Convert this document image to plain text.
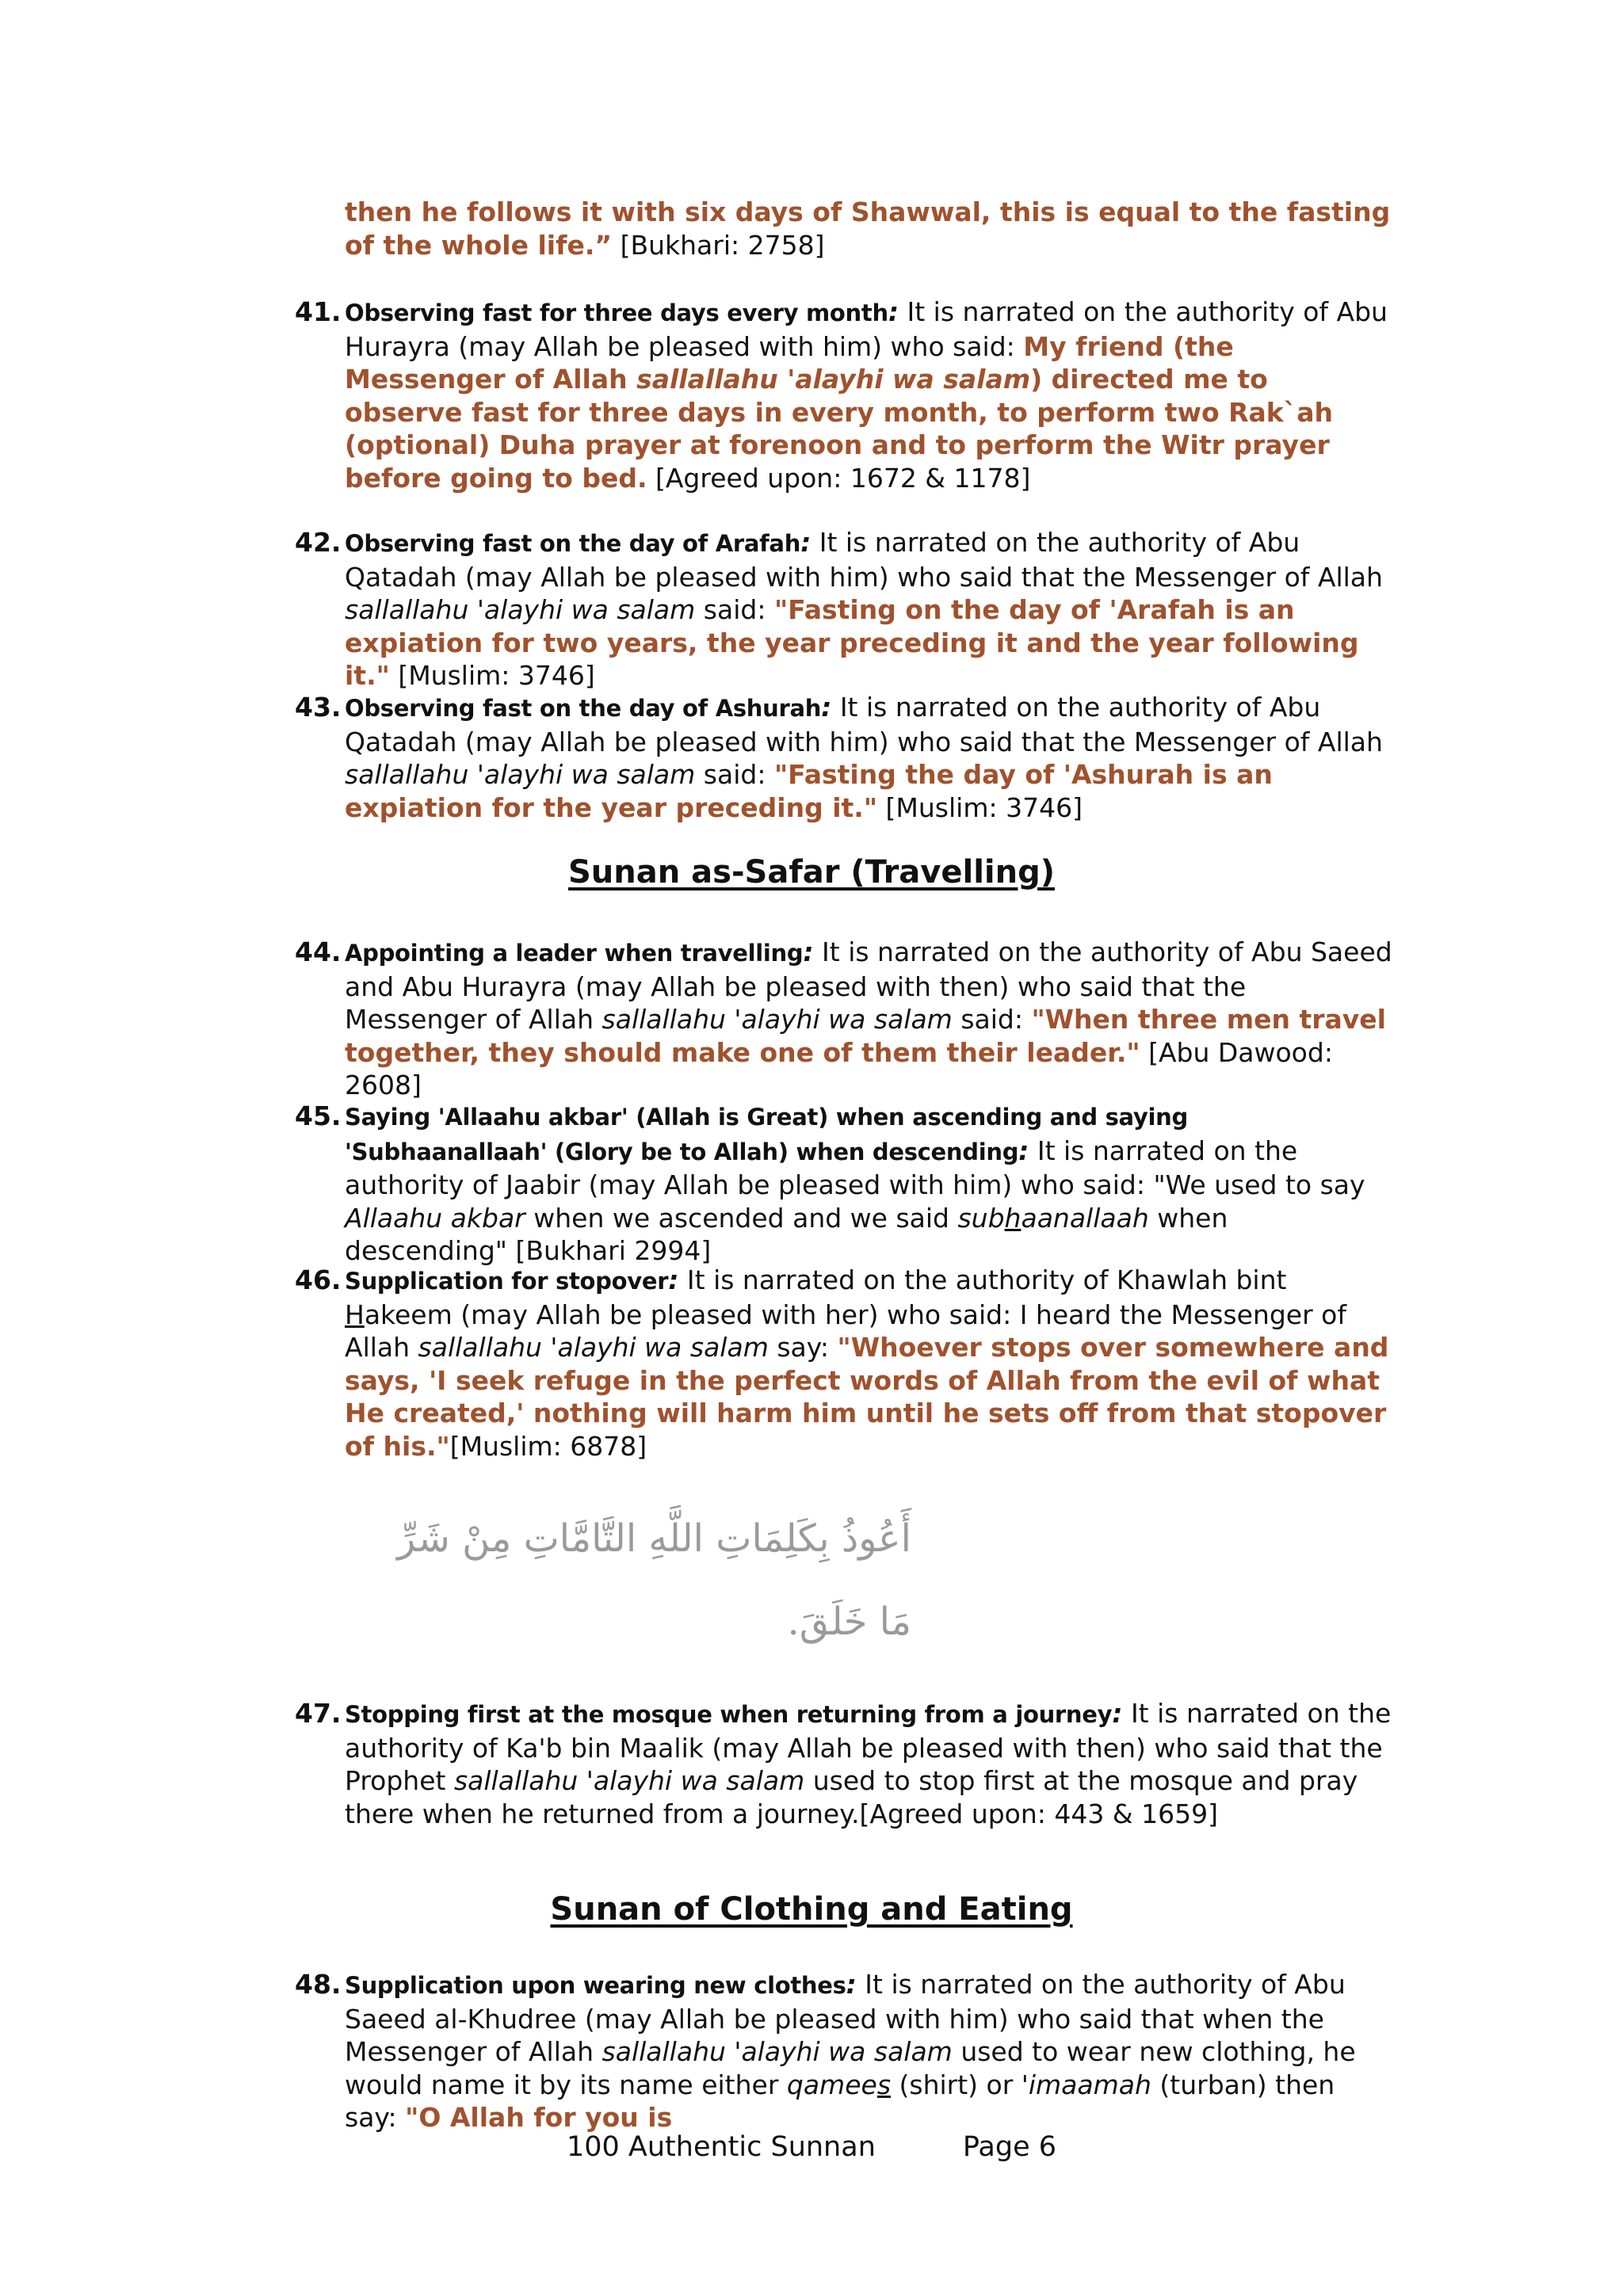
then he follows it with six days of Shawwal, this is equal to the fasting of the whole life.” [Bukhari: 2758]
41. Observing fast for three days every month: It is narrated on the authority of Abu Hurayra (may Allah be pleased with him) who said: My friend (the Messenger of Allah sallallahu 'alayhi wa salam) directed me to observe fast for three days in every month, to perform two Rak`ah (optional) Duha prayer at forenoon and to perform the Witr prayer before going to bed. [Agreed upon: 1672 & 1178]
42. Observing fast on the day of Arafah: It is narrated on the authority of Abu Qatadah (may Allah be pleased with him) who said that the Messenger of Allah sallallahu 'alayhi wa salam said: "Fasting on the day of 'Arafah is an expiation for two years, the year preceding it and the year following it." [Muslim: 3746]
43. Observing fast on the day of Ashurah: It is narrated on the authority of Abu Qatadah (may Allah be pleased with him) who said that the Messenger of Allah sallallahu 'alayhi wa salam said: "Fasting the day of 'Ashurah is an expiation for the year preceding it." [Muslim: 3746]
Sunan as-Safar (Travelling)
44. Appointing a leader when travelling: It is narrated on the authority of Abu Saeed and Abu Hurayra (may Allah be pleased with then) who said that the Messenger of Allah sallallahu 'alayhi wa salam said: "When three men travel together, they should make one of them their leader." [Abu Dawood: 2608]
45. Saying 'Allaahu akbar' (Allah is Great) when ascending and saying 'Subhaanallaah' (Glory be to Allah) when descending: It is narrated on the authority of Jaabir (may Allah be pleased with him) who said: "We used to say Allaahu akbar when we ascended and we said subhaanallaah when descending" [Bukhari 2994]
46. Supplication for stopover: It is narrated on the authority of Khawlah bint Hakeem (may Allah be pleased with her) who said: I heard the Messenger of Allah sallallahu 'alayhi wa salam say: "Whoever stops over somewhere and says, 'I seek refuge in the perfect words of Allah from the evil of what He created,' nothing will harm him until he sets off from that stopover of his."[Muslim: 6878]
أَعُوذُ بِكَلِمَاتِ اللَّهِ التَّامَّاتِ مِنْ شَرِّ
مَا خَلَقَ.
47. Stopping first at the mosque when returning from a journey: It is narrated on the authority of Ka'b bin Maalik (may Allah be pleased with then) who said that the Prophet sallallahu 'alayhi wa salam used to stop first at the mosque and pray there when he returned from a journey.[Agreed upon: 443 & 1659]
Sunan of Clothing and Eating
48. Supplication upon wearing new clothes: It is narrated on the authority of Abu Saeed al-Khudree (may Allah be pleased with him) who said that when the Messenger of Allah sallallahu 'alayhi wa salam used to wear new clothing, he would name it by its name either qamees (shirt) or 'imaamah (turban) then say: "O Allah for you is
100 Authentic Sunnan	Page 6
